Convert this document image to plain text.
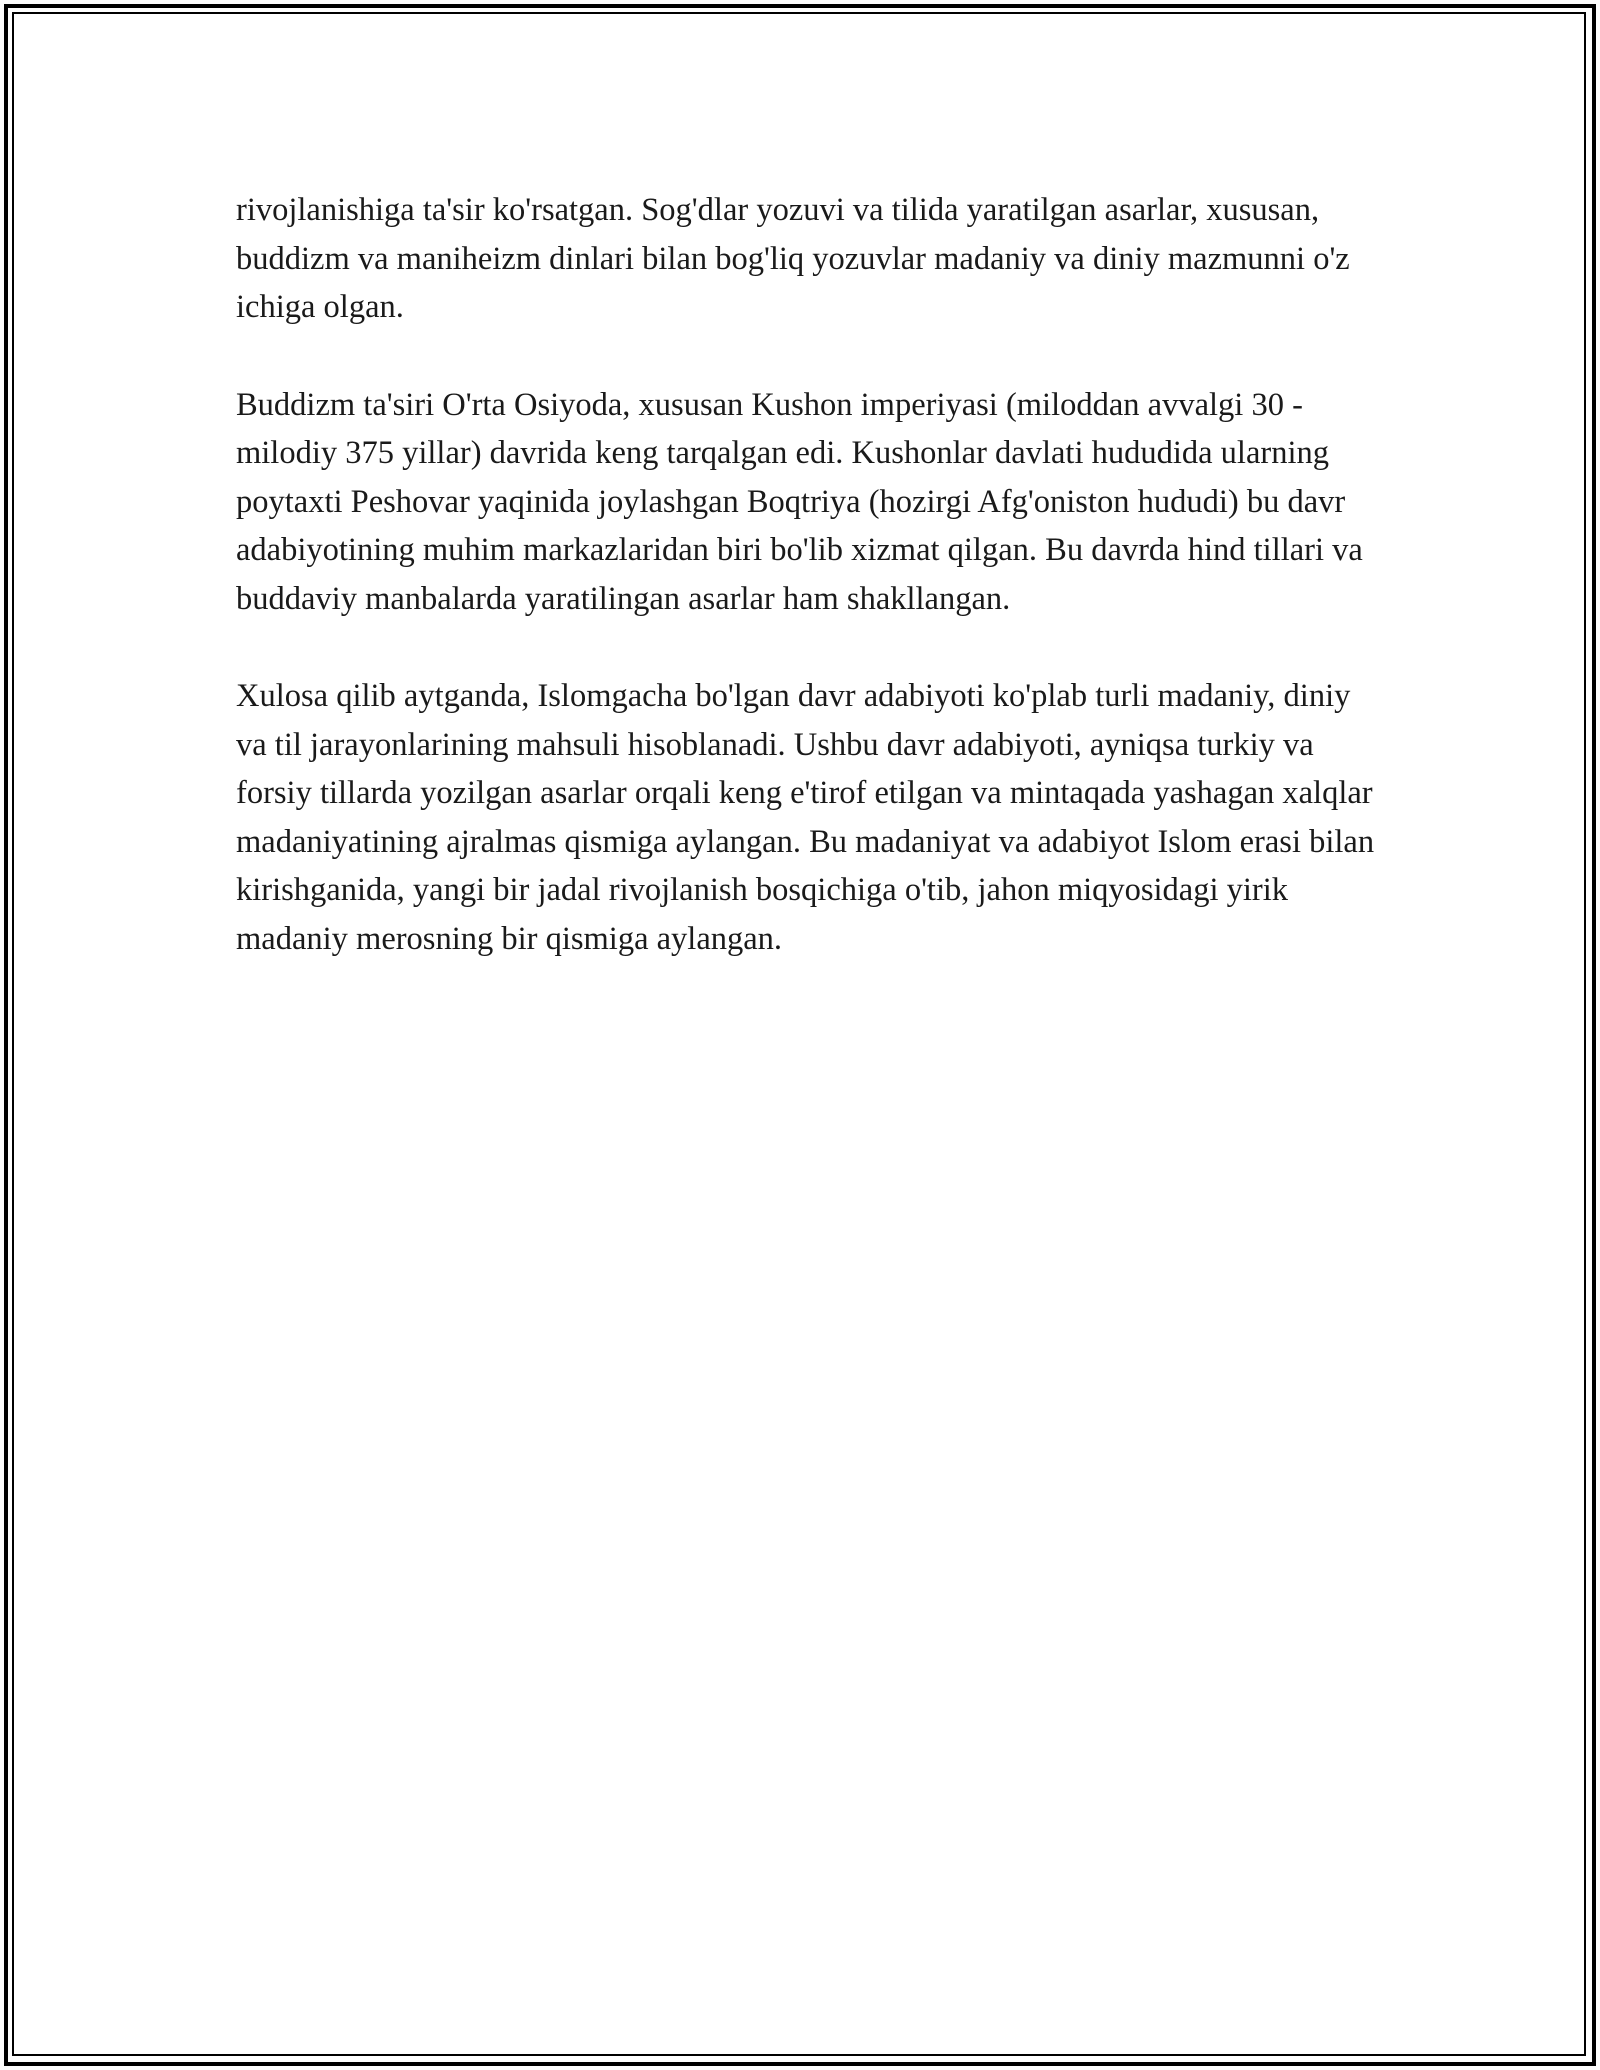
rivojlanishiga ta'sir ko'rsatgan. Sog'dlar yozuvi va tilida yaratilgan asarlar, xususan, buddizm va maniheizm dinlari bilan bog'liq yozuvlar madaniy va diniy mazmunni o'z ichiga olgan.

Buddizm ta'siri O'rta Osiyoda, xususan Kushon imperiyasi (miloddan avvalgi 30 - milodiy 375 yillar) davrida keng tarqalgan edi. Kushonlar davlati hududida ularning poytaxti Peshovar yaqinida joylashgan Boqtriya (hozirgi Afg'oniston hududi) bu davr adabiyotining muhim markazlaridan biri bo'lib xizmat qilgan. Bu davrda hind tillari va buddaviy manbalarda yaratilingan asarlar ham shakllangan.

Xulosa qilib aytganda, Islomgacha bo'lgan davr adabiyoti ko'plab turli madaniy, diniy va til jarayonlarining mahsuli hisoblanadi. Ushbu davr adabiyoti, ayniqsa turkiy va forsiy tillarda yozilgan asarlar orqali keng e'tirof etilgan va mintaqada yashagan xalqlar madaniyatining ajralmas qismiga aylangan. Bu madaniyat va adabiyot Islom erasi bilan kirishganida, yangi bir jadal rivojlanish bosqichiga o'tib, jahon miqyosidagi yirik madaniy merosning bir qismiga aylangan.
